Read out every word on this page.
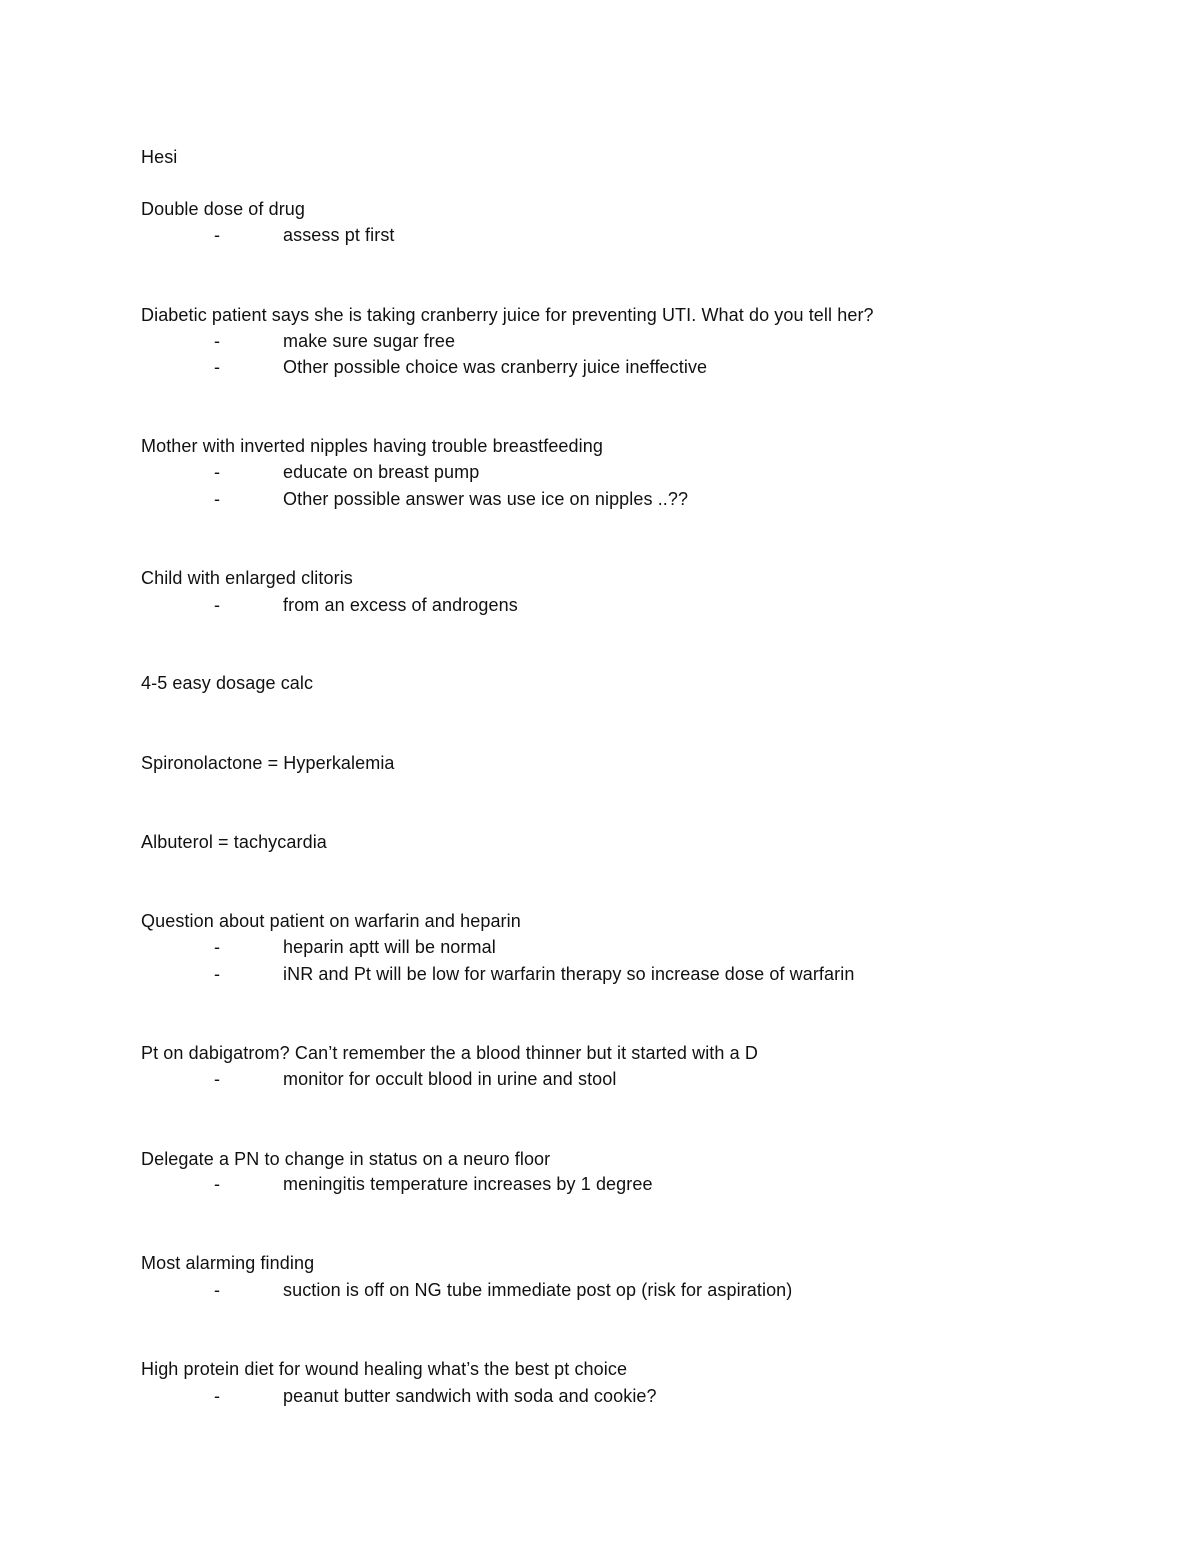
Hesi
Double dose of drug
-	assess pt first
Diabetic patient says she is taking cranberry juice for preventing UTI. What do you tell her?
-	make sure sugar free
-	Other possible choice was cranberry juice ineffective
Mother with inverted nipples having trouble breastfeeding
-	educate on breast pump
-	Other possible answer was use ice on nipples ..??
Child with enlarged clitoris
-	from an excess of androgens
4-5 easy dosage calc
Spironolactone = Hyperkalemia
Albuterol = tachycardia
Question about patient on warfarin and heparin
-	heparin aptt will be normal
-	iNR and Pt will be low for warfarin therapy so increase dose of warfarin
Pt on dabigatrom? Can’t remember the a blood thinner but it started with a D
-	monitor for occult blood in urine and stool
Delegate a PN to change in status on a neuro floor
-	meningitis temperature increases by 1 degree
Most alarming finding
-	suction is off on NG tube immediate post op (risk for aspiration)
High protein diet for wound healing what’s the best pt choice
-	peanut butter sandwich with soda and cookie?
